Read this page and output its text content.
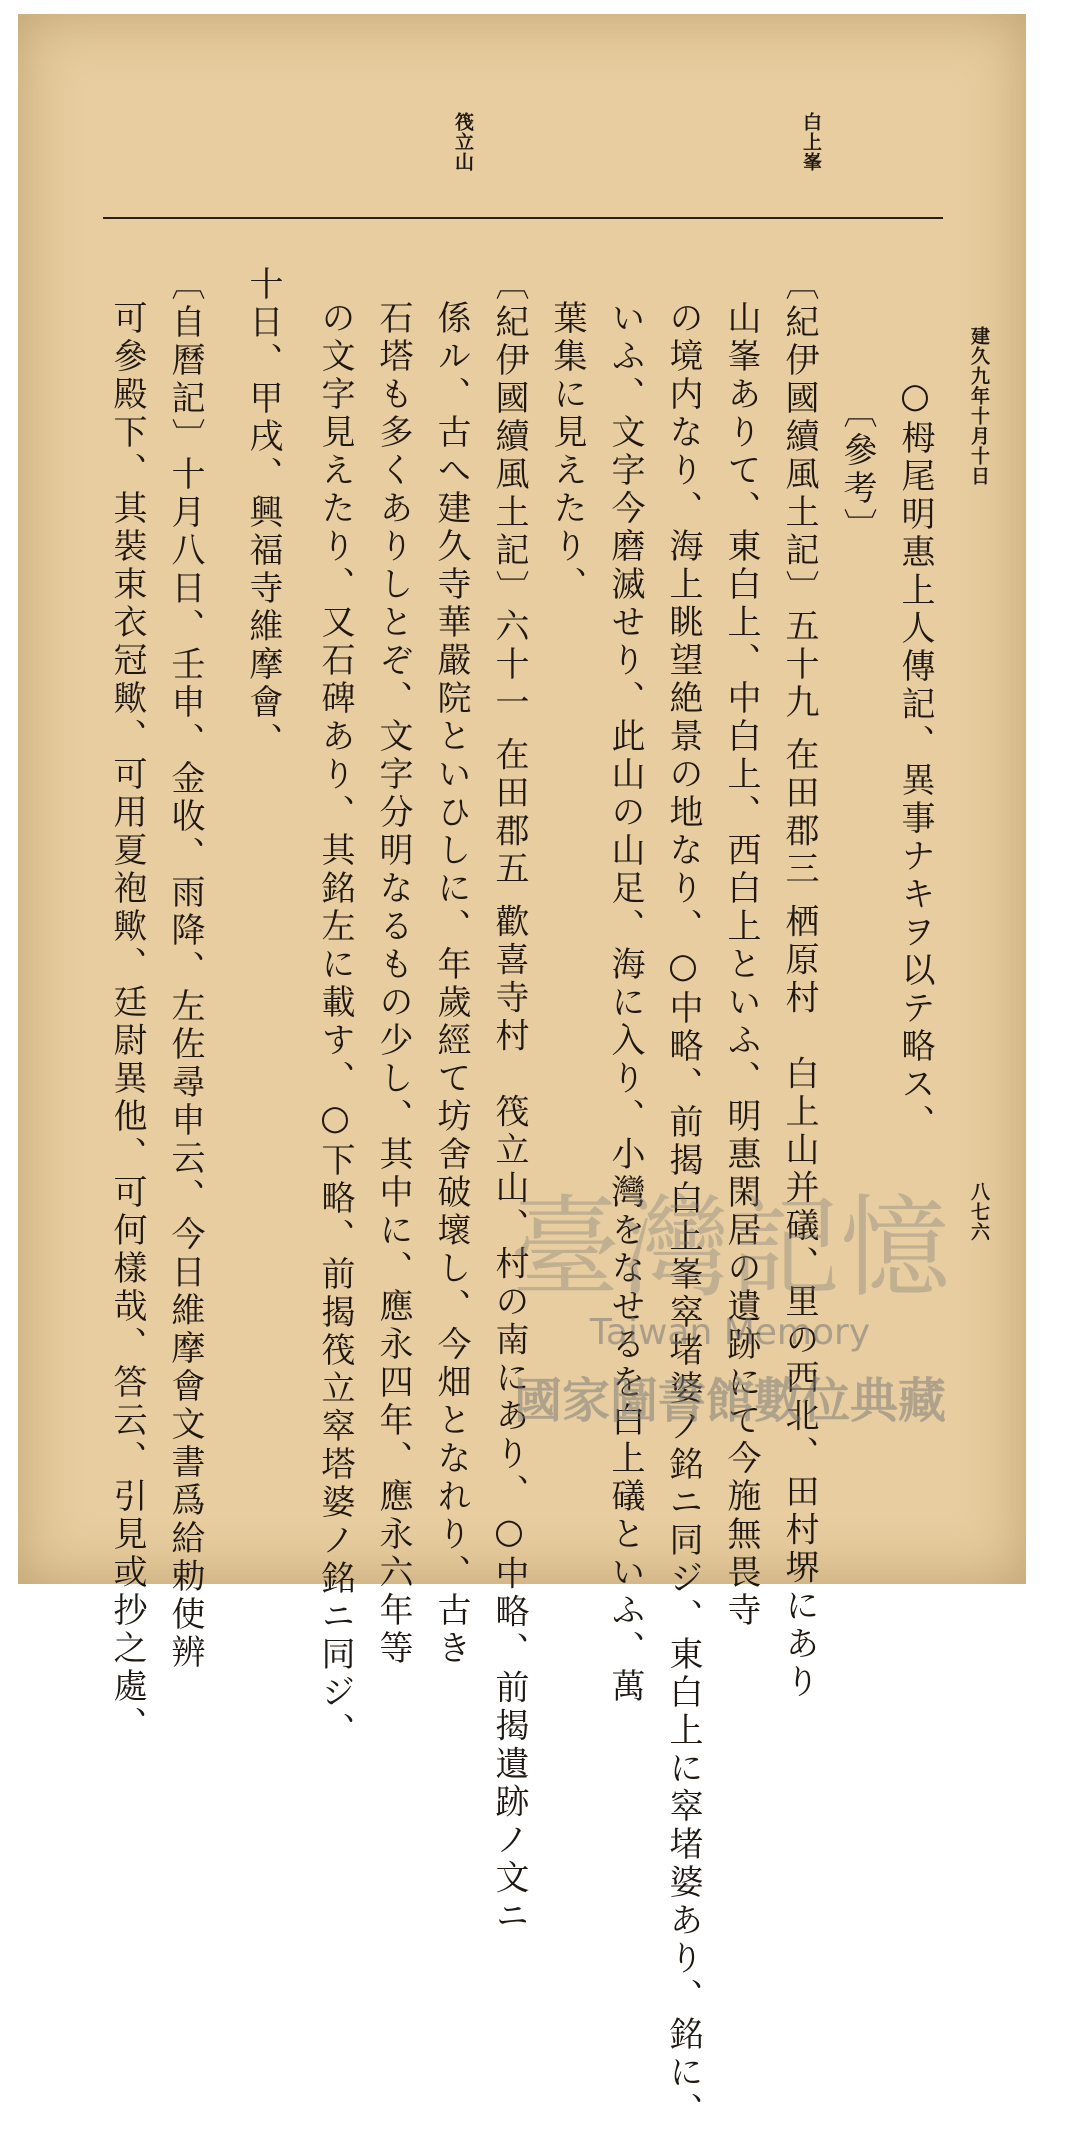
筏立山	白上峯
建久九年十月十日
八七六
○栂尾明惠上人傳記、異事ナキヲ以テ略ス、
〔參考〕
〔紀伊國續風土記〕五十九 在田郡三 栖原村　白上山并礒、里の西北、田村堺にあり
山峯ありて、東白上、中白上、西白上といふ、明惠閑居の遺跡にて今施無畏寺
の境内なり、海上眺望絶景の地なり、○中略、前揭白上峯窣堵婆ノ銘ニ同ジ、東白上に窣堵婆あり、銘に、
いふ、文字今磨滅せり、此山の山足、海に入り、小灣をなせるを白上礒といふ、萬
葉集に見えたり、
〔紀伊國續風土記〕六十一 在田郡五 歡喜寺村　筏立山、村の南にあり、○中略、前揭遺跡ノ文ニ
係ル、古へ建久寺華嚴院といひしに、年歲經て坊舍破壞し、今畑となれり、古き
石塔も多くありしとぞ、文字分明なるもの少し、其中に、應永四年、應永六年等
の文字見えたり、又石碑あり、其銘左に載す、○下略、前揭筏立窣塔婆ノ銘ニ同ジ、
十日、甲戌、興福寺維摩會、
〔自曆記〕十月八日、壬申、金收、雨降、左佐尋申云、今日維摩會文書爲給勅使辨
可參殿下、其裝束衣冠歟、可用夏袍歟、廷尉異他、可何樣哉、答云、引見或抄之處、	臺灣記憶
Taiwan Memory
國家圖書館數位典藏
